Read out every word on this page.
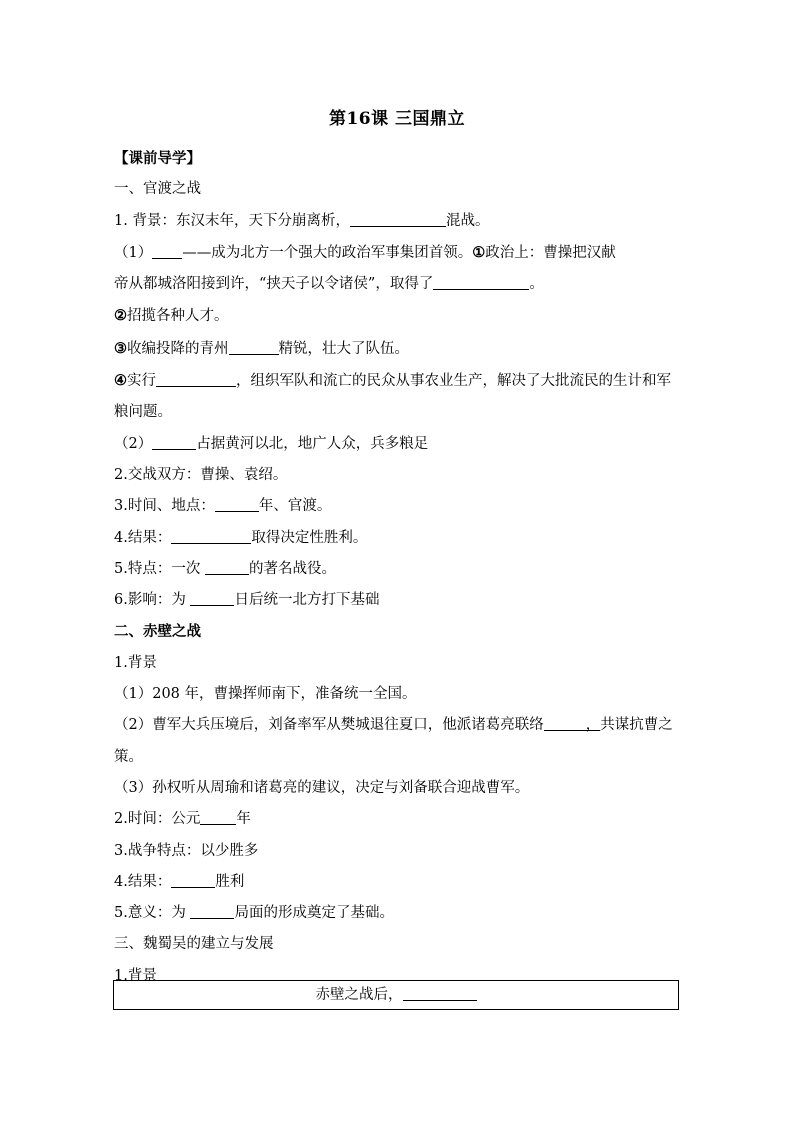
第16课 三国鼎立

【课前导学】

一、官渡之战

1. 背景：东汉末年，天下分崩离析，	混战。

（1） ——成为北方一个强大的政治军事集团首领。①政治上：曹操把汉献

帝从都城洛阳接到许，“挟天子以令诸侯”，取得了	。

②招揽各种人才。

③收编投降的青州	精锐，壮大了队伍。

④实行	，组织军队和流亡的民众从事农业生产，解决了大批流民的生计和军粮问题。

（2）	占据黄河以北，地广人众，兵多粮足

2.交战双方：曹操、袁绍。

3.时间、地点：	年、官渡。

4.结果：	取得决定性胜利。

5.特点：一次	的著名战役。

6.影响：为	日后统一北方打下基础

二、赤壁之战

1.背景

（1）208 年，曹操挥师南下，准备统一全国。

（2）曹军大兵压境后，刘备率军从樊城退往夏口，他派诸葛亮联络	，共谋抗曹之策。

（3）孙权听从周瑜和诸葛亮的建议，决定与刘备联合迎战曹军。

2.时间：公元 年

3.战争特点：以少胜多

4.结果：	胜利

5.意义：为	局面的形成奠定了基础。

三、魏蜀吴的建立与发展

1.背景

赤壁之战后，
